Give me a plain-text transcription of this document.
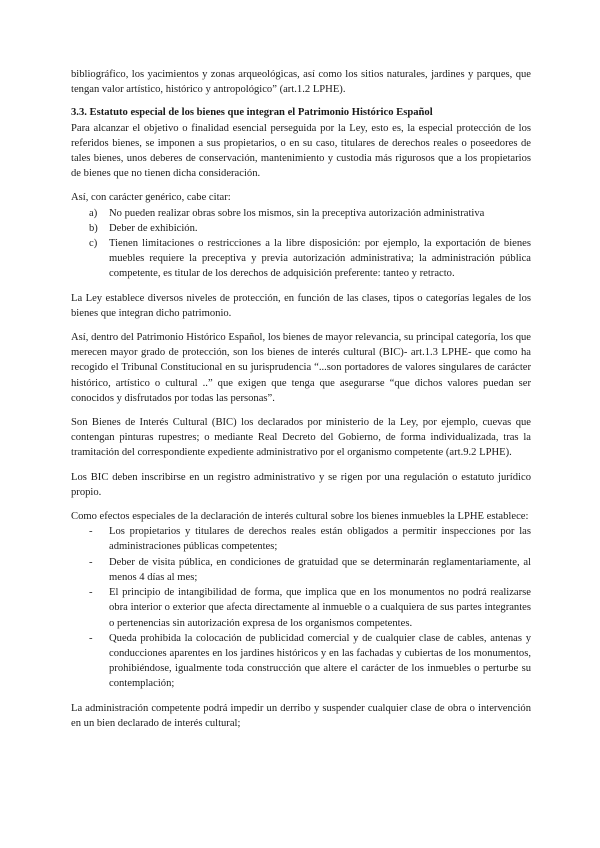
bibliográfico, los yacimientos y zonas arqueológicas, así como los sitios naturales, jardines y parques, que tengan valor artístico, histórico y antropológico” (art.1.2 LPHE).

3.3. Estatuto especial de los bienes que integran el Patrimonio Histórico Español

Para alcanzar el objetivo o finalidad esencial perseguida por la Ley, esto es, la especial protección de los referidos bienes, se imponen a sus propietarios, o en su caso, titulares de derechos reales o poseedores de tales bienes, unos deberes de conservación, mantenimiento y custodia más rigurosos que a los propietarios de bienes que no tienen dicha consideración.

Así, con carácter genérico, cabe citar:

a) No pueden realizar obras sobre los mismos, sin la preceptiva autorización administrativa
b) Deber de exhibición.
c) Tienen limitaciones o restricciones a la libre disposición: por ejemplo, la exportación de bienes muebles requiere la preceptiva y previa autorización administrativa; la administración pública competente, es titular de los derechos de adquisición preferente: tanteo y retracto.

La Ley establece diversos niveles de protección, en función de las clases, tipos o categorías legales de los bienes que integran dicho patrimonio.

Así, dentro del Patrimonio Histórico Español, los bienes de mayor relevancia, su principal categoría, los que merecen mayor grado de protección, son los bienes de interés cultural (BIC)- art.1.3 LPHE- que como ha recogido el Tribunal Constitucional en su jurisprudencia “...son portadores de valores singulares de carácter histórico, artístico o cultural ..” que exigen que tenga que asegurarse “que dichos valores puedan ser conocidos y disfrutados por todas las personas”.

Son Bienes de Interés Cultural (BIC) los declarados por ministerio de la Ley, por ejemplo, cuevas que contengan pinturas rupestres; o mediante Real Decreto del Gobierno, de forma individualizada, tras la tramitación del correspondiente expediente administrativo por el organismo competente (art.9.2 LPHE).

Los BIC deben inscribirse en un registro administrativo y se rigen por una regulación o estatuto jurídico propio.

Como efectos especiales de la declaración de interés cultural sobre los bienes inmuebles la LPHE establece:

- Los propietarios y titulares de derechos reales están obligados a permitir inspecciones por las administraciones públicas competentes;
- Deber de visita pública, en condiciones de gratuidad que se determinarán reglamentariamente, al menos 4 días al mes;
- El principio de intangibilidad de forma, que implica que en los monumentos no podrá realizarse obra interior o exterior que afecta directamente al inmueble o a cualquiera de sus partes integrantes o pertenencias sin autorización expresa de los organismos competentes.
- Queda prohibida la colocación de publicidad comercial y de cualquier clase de cables, antenas y conducciones aparentes en los jardines históricos y en las fachadas y cubiertas de los monumentos, prohibiéndose, igualmente toda construcción que altere el carácter de los inmuebles o perturbe su contemplación;

La administración competente podrá impedir un derribo y suspender cualquier clase de obra o intervención en un bien declarado de interés cultural;
